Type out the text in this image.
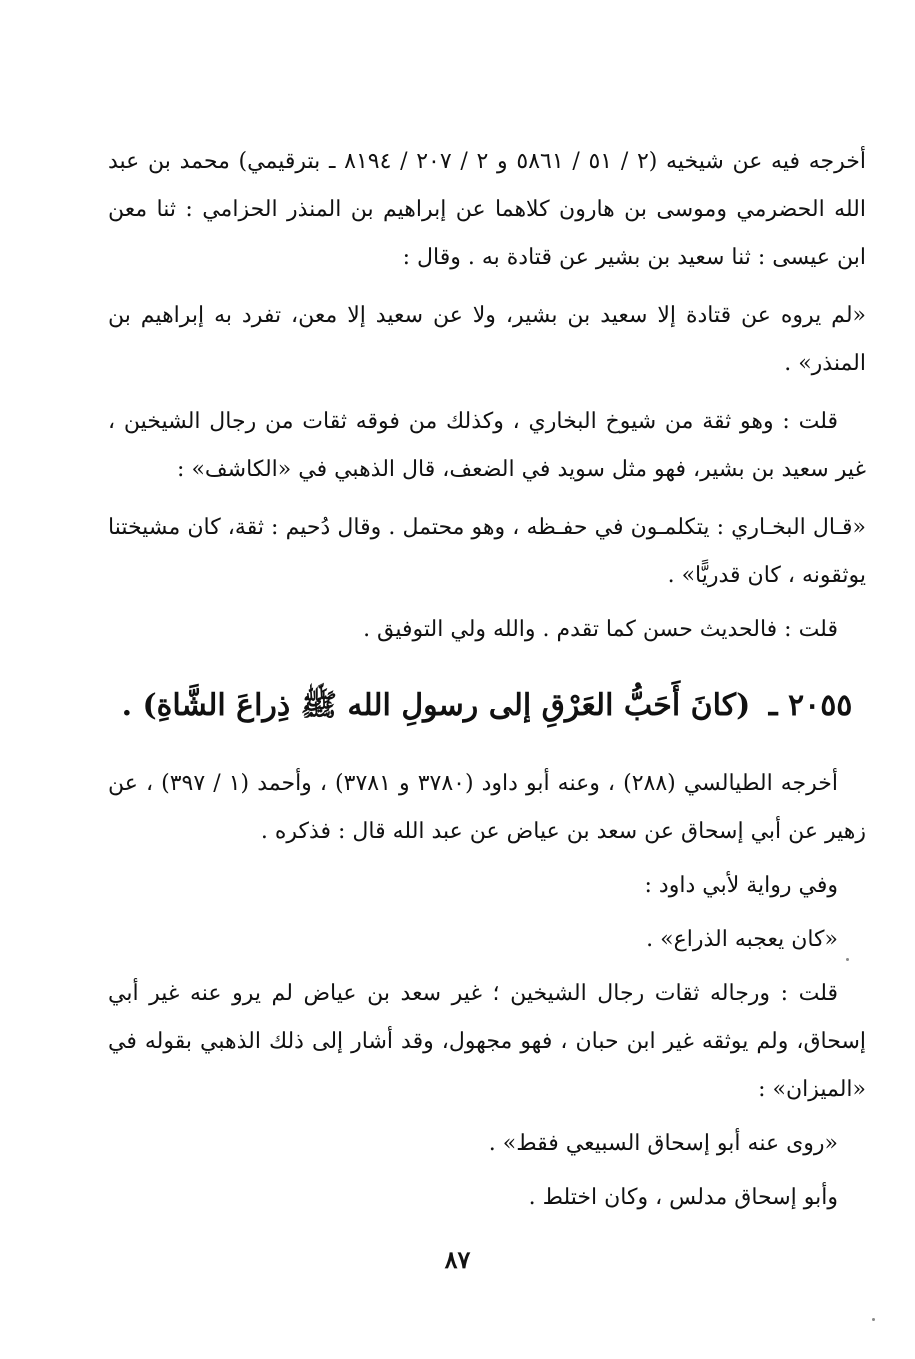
أخرجه فيه عن شيخيه (٢ / ٥١ / ٥٨٦١ و ٢ / ٢٠٧ / ٨١٩٤ ـ بترقيمي) محمد بن عبد الله الحضرمي وموسى بن هارون كلاهما عن إبراهيم بن المنذر الحزامي : ثنا معن ابن عيسى : ثنا سعيد بن بشير عن قتادة به . وقال :

«لم يروه عن قتادة إلا سعيد بن بشير، ولا عن سعيد إلا معن، تفرد به إبراهيم بن المنذر» .

قلت : وهو ثقة من شيوخ البخاري ، وكذلك من فوقه ثقات من رجال الشيخين ، غير سعيد بن بشير، فهو مثل سويد في الضعف، قال الذهبي في «الكاشف» :

«قـال البخـاري : يتكلمـون في حفـظه ، وهو محتمل . وقال دُحيم : ثقة، كان مشيختنا يوثقونه ، كان قدريًّا» .

قلت : فالحديث حسن كما تقدم . والله ولي التوفيق .

٢٠٥٥ ـ (كانَ أَحَبُّ العَرْقِ إلى رسولِ الله ﷺ ذِراعَ الشَّاةِ) .

أخرجه الطيالسي (٢٨٨) ، وعنه أبو داود (٣٧٨٠ و ٣٧٨١) ، وأحمد (١ / ٣٩٧) ، عن زهير عن أبي إسحاق عن سعد بن عياض عن عبد الله قال : فذكره .

وفي رواية لأبي داود :

«كان يعجبه الذراع» .

قلت : ورجاله ثقات رجال الشيخين ؛ غير سعد بن عياض لم يرو عنه غير أبي إسحاق، ولم يوثقه غير ابن حبان ، فهو مجهول، وقد أشار إلى ذلك الذهبي بقوله في «الميزان» :

«روى عنه أبو إسحاق السبيعي فقط» .

وأبو إسحاق مدلس ، وكان اختلط .

٨٧
